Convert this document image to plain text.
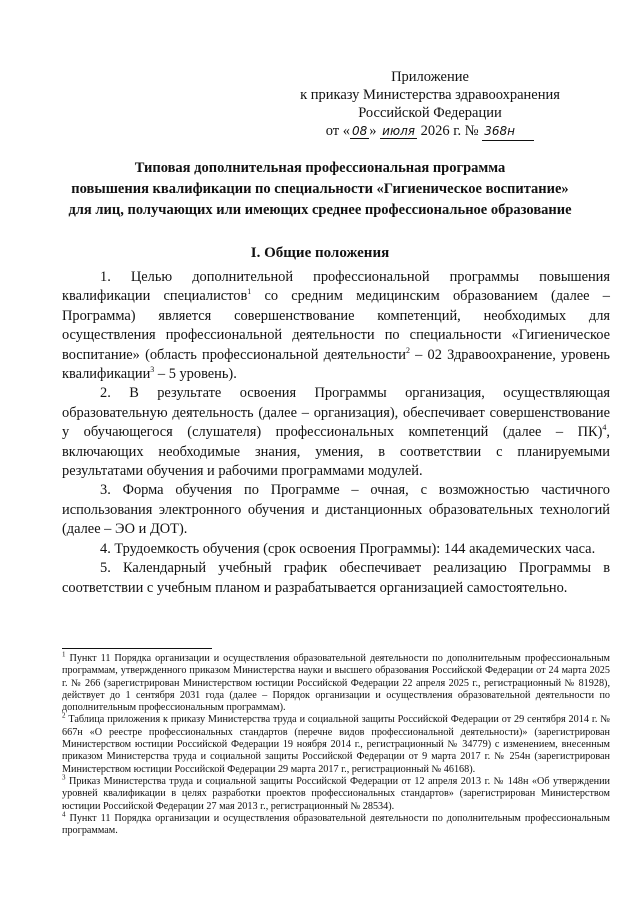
Приложение
к приказу Министерства здравоохранения
Российской Федерации
от « 08 » июля 2026 г. № 368н
Типовая дополнительная профессиональная программа
повышения квалификации по специальности «Гигиеническое воспитание»
для лиц, получающих или имеющих среднее профессиональное образование
I. Общие положения

1. Целью дополнительной профессиональной программы повышения квалификации специалистов$^1$ со средним медицинским образованием (далее – Программа) является совершенствование компетенций, необходимых для осуществления профессиональной деятельности по специальности «Гигиеническое воспитание» (область профессиональной деятельности$^2$ – 02 Здравоохранение, уровень квалификации$^3$ – 5 уровень).

2. В результате освоения Программы организация, осуществляющая образовательную деятельность (далее – организация), обеспечивает совершенствование у обучающегося (слушателя) профессиональных компетенций (далее – ПК)$^4$, включающих необходимые знания, умения, в соответствии с планируемыми результатами обучения и рабочими программами модулей.

3. Форма обучения по Программе – очная, с возможностью частичного использования электронного обучения и дистанционных образовательных технологий (далее – ЭО и ДОТ).

4. Трудоемкость обучения (срок освоения Программы): 144 академических часа.

5. Календарный учебный график обеспечивает реализацию Программы в соответствии с учебным планом и разрабатывается организацией самостоятельно.

$^1$ Пункт 11 Порядка организации и осуществления образовательной деятельности по дополнительным профессиональным программам, утвержденного приказом Министерства науки и высшего образования Российской Федерации от 24 марта 2025 г. № 266 (зарегистрирован Министерством юстиции Российской Федерации 22 апреля 2025 г., регистрационный № 81928), действует до 1 сентября 2031 года (далее – Порядок организации и осуществления образовательной деятельности по дополнительным профессиональным программам).

$^2$ Таблица приложения к приказу Министерства труда и социальной защиты Российской Федерации от 29 сентября 2014 г. № 667н «О реестре профессиональных стандартов (перечне видов профессиональной деятельности)» (зарегистрирован Министерством юстиции Российской Федерации 19 ноября 2014 г., регистрационный № 34779) с изменением, внесенным приказом Министерства труда и социальной защиты Российской Федерации от 9 марта 2017 г. № 254н (зарегистрирован Министерством юстиции Российской Федерации 29 марта 2017 г., регистрационный № 46168).

$^3$ Приказ Министерства труда и социальной защиты Российской Федерации от 12 апреля 2013 г. № 148н «Об утверждении уровней квалификации в целях разработки проектов профессиональных стандартов» (зарегистрирован Министерством юстиции Российской Федерации 27 мая 2013 г., регистрационный № 28534).

$^4$ Пункт 11 Порядка организации и осуществления образовательной деятельности по дополнительным профессиональным программам.
